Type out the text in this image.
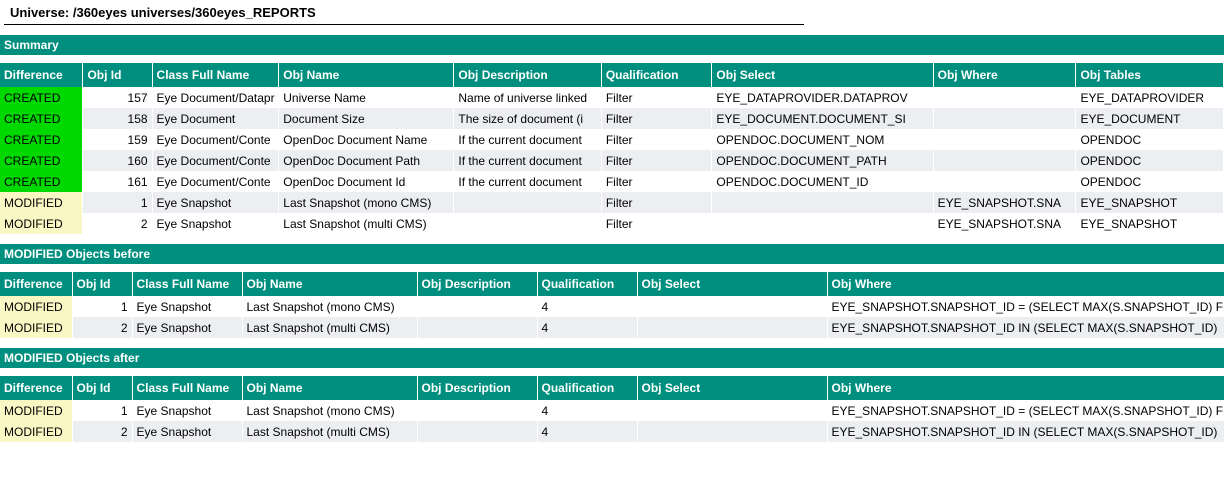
Universe: /360eyes universes/360eyes_REPORTS
Summary
Difference	Obj Id	Class Full Name	Obj Name	Obj Description	Qualification	Obj Select	Obj Where	Obj Tables
CREATED	157	Eye Document/Datapr	Universe Name	Name of universe linked	Filter	EYE_DATAPROVIDER.DATAPROV		EYE_DATAPROVIDER
CREATED	158	Eye Document	Document Size	The size of document (i	Filter	EYE_DOCUMENT.DOCUMENT_SI		EYE_DOCUMENT
CREATED	159	Eye Document/Conte	OpenDoc Document Name	If the current document	Filter	OPENDOC.DOCUMENT_NOM		OPENDOC
CREATED	160	Eye Document/Conte	OpenDoc Document Path	If the current document	Filter	OPENDOC.DOCUMENT_PATH		OPENDOC
CREATED	161	Eye Document/Conte	OpenDoc Document Id	If the current document	Filter	OPENDOC.DOCUMENT_ID		OPENDOC
MODIFIED	1	Eye Snapshot	Last Snapshot (mono CMS)		Filter		EYE_SNAPSHOT.SNA	EYE_SNAPSHOT
MODIFIED	2	Eye Snapshot	Last Snapshot (multi CMS)		Filter		EYE_SNAPSHOT.SNA	EYE_SNAPSHOT
MODIFIED Objects before
Difference	Obj Id	Class Full Name	Obj Name	Obj Description	Qualification	Obj Select	Obj Where
MODIFIED	1	Eye Snapshot	Last Snapshot (mono CMS)		4		EYE_SNAPSHOT.SNAPSHOT_ID = (SELECT MAX(S.SNAPSHOT_ID) F
MODIFIED	2	Eye Snapshot	Last Snapshot (multi CMS)		4		EYE_SNAPSHOT.SNAPSHOT_ID IN (SELECT MAX(S.SNAPSHOT_ID)
MODIFIED Objects after
Difference	Obj Id	Class Full Name	Obj Name	Obj Description	Qualification	Obj Select	Obj Where
MODIFIED	1	Eye Snapshot	Last Snapshot (mono CMS)		4		EYE_SNAPSHOT.SNAPSHOT_ID = (SELECT MAX(S.SNAPSHOT_ID) F
MODIFIED	2	Eye Snapshot	Last Snapshot (multi CMS)		4		EYE_SNAPSHOT.SNAPSHOT_ID IN (SELECT MAX(S.SNAPSHOT_ID)
